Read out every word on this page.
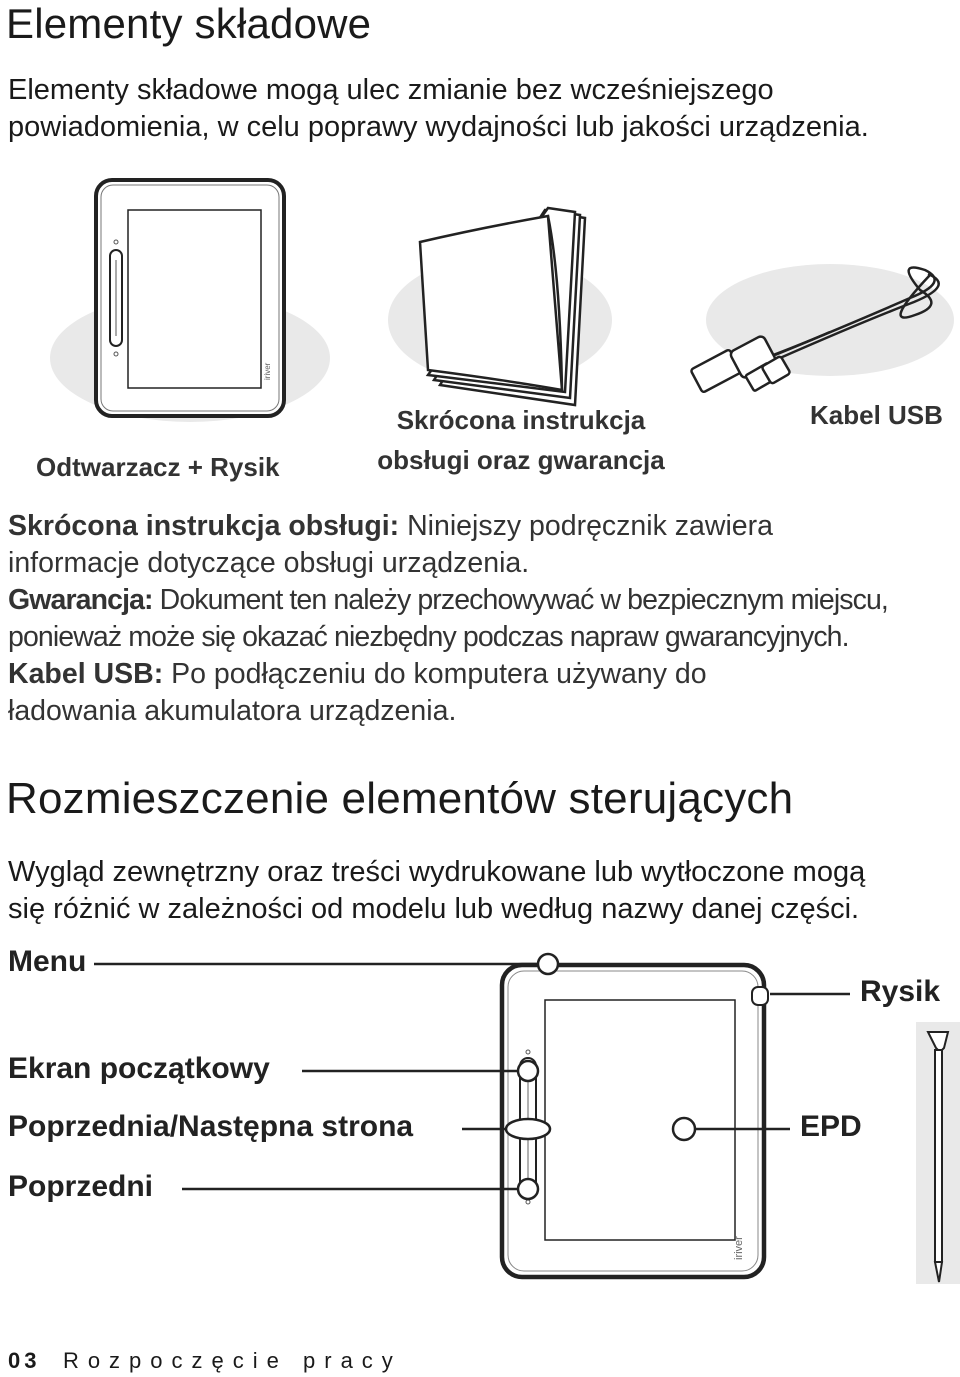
Elementy składowe
Elementy składowe mogą ulec zmianie bez wcześniejszego
powiadomienia, w celu poprawy wydajności lub jakości urządzenia.
iriver
Odtwarzacz + Rysik
Skrócona instrukcja
obsługi oraz gwarancja
Kabel USB
Skrócona instrukcja obsługi: Niniejszy podręcznik zawiera
informacje dotyczące obsługi urządzenia.
Gwarancja: Dokument ten należy przechowywać w bezpiecznym miejscu,
ponieważ może się okazać niezbędny podczas napraw gwarancyjnych.
Kabel USB: Po podłączeniu do komputera używany do
ładowania akumulatora urządzenia.
Rozmieszczenie elementów sterujących
Wygląd zewnętrzny oraz treści wydrukowane lub wytłoczone mogą
się różnić w zależności od modelu lub według nazwy danej części.
iriver
Menu
Rysik
Ekran początkowy
Poprzednia/Następna strona	EPD
Poprzedni
03 Rozpoczęcie pracy
